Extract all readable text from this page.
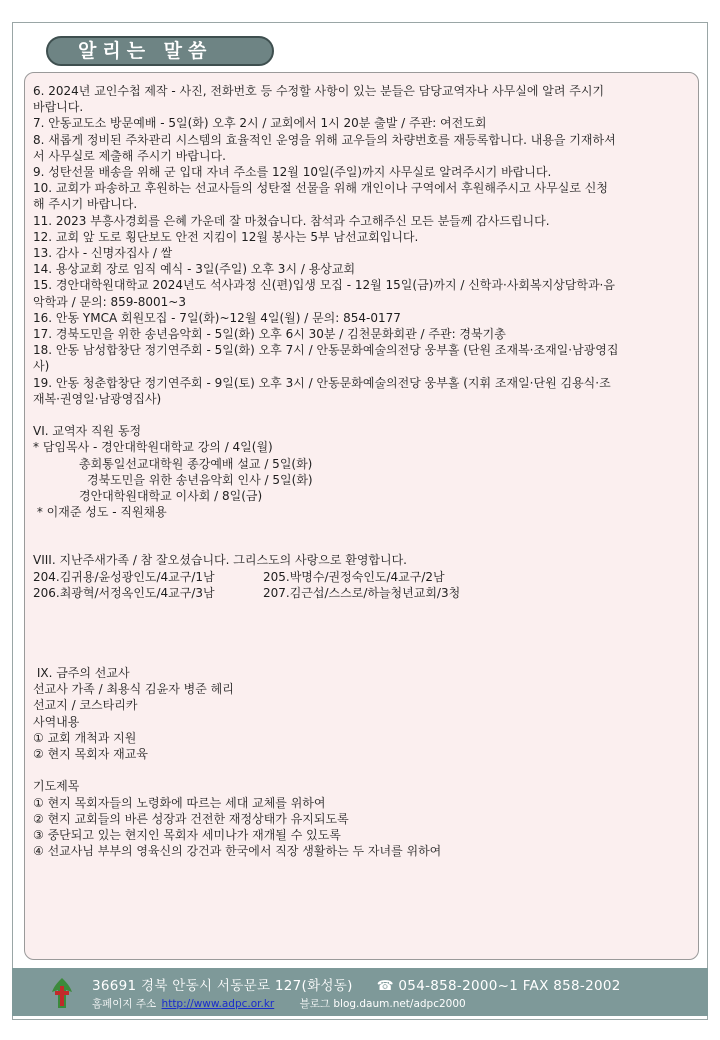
알리는 말씀
6. 2024년 교인수첩 제작 - 사진, 전화번호 등 수정할 사항이 있는 분들은 담당교역자나 사무실에 알려 주시기
바랍니다.
7. 안동교도소 방문예배 - 5일(화) 오후 2시 / 교회에서 1시 20분 출발 / 주관: 여전도회
8. 새롭게 정비된 주차관리 시스템의 효율적인 운영을 위해 교우들의 차량번호를 재등록합니다. 내용을 기재하셔
서 사무실로 제출해 주시기 바랍니다.
9. 성탄선물 배송을 위해 군 입대 자녀 주소를 12월 10일(주일)까지 사무실로 알려주시기 바랍니다.
10. 교회가 파송하고 후원하는 선교사들의 성탄절 선물을 위해 개인이나 구역에서 후원해주시고 사무실로 신청
해 주시기 바랍니다.
11. 2023 부흥사경회를 은혜 가운데 잘 마쳤습니다. 참석과 수고해주신 모든 분들께 감사드립니다.
12. 교회 앞 도로 횡단보도 안전 지킴이 12월 봉사는 5부 남선교회입니다.
13. 감사 - 신명자집사 / 쌀
14. 용상교회 장로 임직 예식 - 3일(주일) 오후 3시 / 용상교회
15. 경안대학원대학교 2024년도 석사과정 신(편)입생 모집 - 12월 15일(금)까지 / 신학과·사회복지상담학과·음
악학과 / 문의: 859-8001~3
16. 안동 YMCA 회원모집 - 7일(화)~12월 4일(월) / 문의: 854-0177
17. 경북도민을 위한 송년음악회 - 5일(화) 오후 6시 30분 / 김천문화회관 / 주관: 경북기총
18. 안동 남성합창단 정기연주회 - 5일(화) 오후 7시 / 안동문화예술의전당 웅부홀 (단원 조재복·조재일·남광영집
사)
19. 안동 청춘합창단 정기연주회 - 9일(토) 오후 3시 / 안동문화예술의전당 웅부홀 (지휘 조재일·단원 김용식·조
재복·권영일·남광영집사)
VI. 교역자 직원 동정
* 담임목사 - 경안대학원대학교 강의 / 4일(월)
총회통일선교대학원 종강예배 설교 / 5일(화)
경북도민을 위한 송년음악회 인사 / 5일(화)
경안대학원대학교 이사회 / 8일(금)
* 이재준 성도 - 직원채용
VIII. 지난주새가족 / 참 잘오셨습니다. 그리스도의 사랑으로 환영합니다.
204.김귀용/윤성광인도/4교구/1남	205.박명수/권정숙인도/4교구/2남
206.최광혁/서정옥인도/4교구/3남	207.김근섭/스스로/하늘청년교회/3청
IX. 금주의 선교사
선교사 가족 / 최용식 김윤자 병준 헤리
선교지 / 코스타리카
사역내용
① 교회 개척과 지원
② 현지 목회자 재교육
기도제목
① 현지 목회자들의 노령화에 따르는 세대 교체를 위하여
② 현지 교회들의 바른 성장과 건전한 재정상태가 유지되도록
③ 중단되고 있는 현지인 목회자 세미나가 재개될 수 있도록
④ 선교사님 부부의 영육신의 강건과 한국에서 직장 생활하는 두 자녀를 위하여
36691 경북 안동시 서동문로 127(화성동) ☎ 054-858-2000~1 FAX 858-2002
홈페이지 주소 http://www.adpc.or.kr 블로그 blog.daum.net/adpc2000
